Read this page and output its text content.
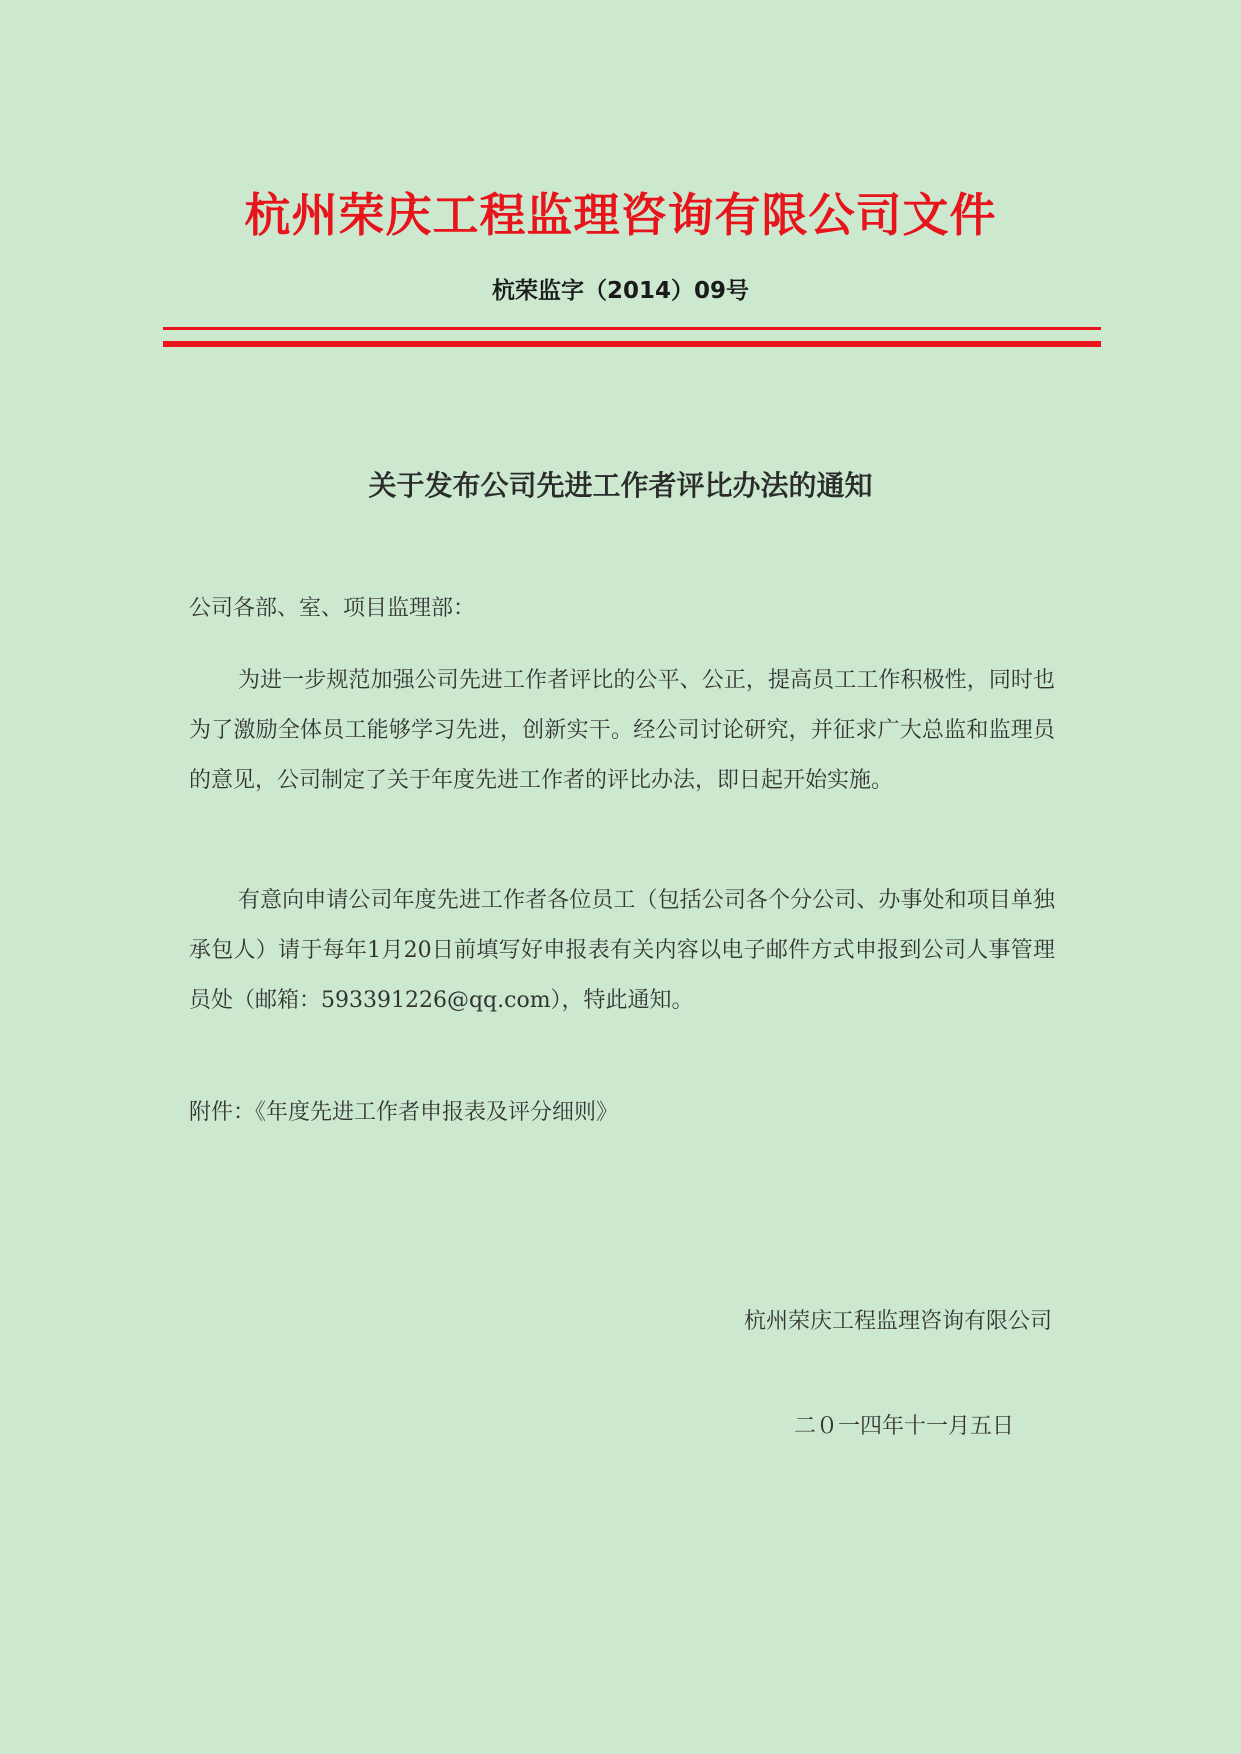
杭州荣庆工程监理咨询有限公司文件
杭荣监字（2014）09号
关于发布公司先进工作者评比办法的通知
公司各部、室、项目监理部：

为进一步规范加强公司先进工作者评比的公平、公正，提高员工工作积极性，同时也为了激励全体员工能够学习先进，创新实干。经公司讨论研究，并征求广大总监和监理员的意见，公司制定了关于年度先进工作者的评比办法，即日起开始实施。

有意向申请公司年度先进工作者各位员工（包括公司各个分公司、办事处和项目单独承包人）请于每年1月20日前填写好申报表有关内容以电子邮件方式申报到公司人事管理员处（邮箱：593391226@qq.com），特此通知。

附件：《年度先进工作者申报表及评分细则》
杭州荣庆工程监理咨询有限公司
二０一四年十一月五日
